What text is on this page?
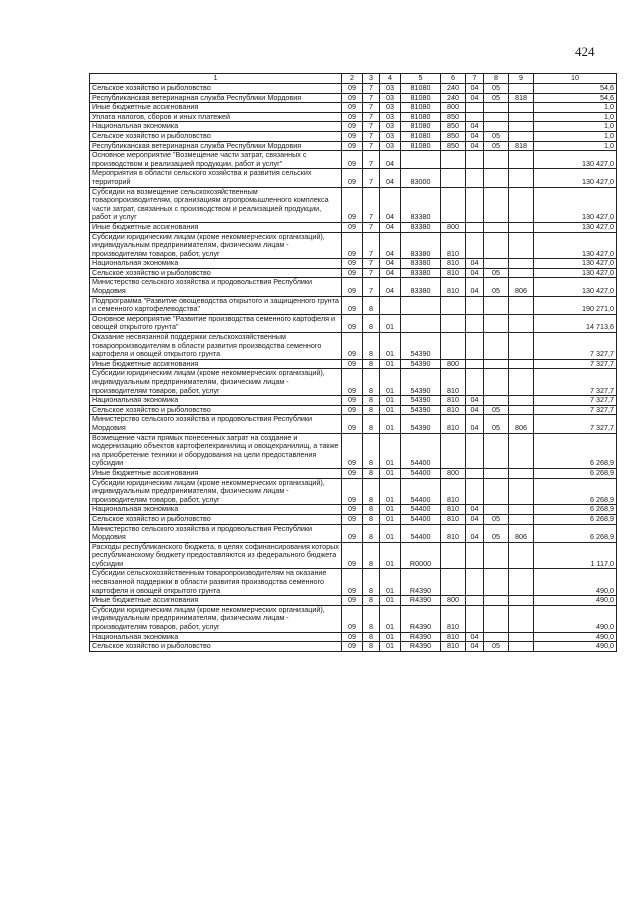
424
1	2	3	4	5	6	7	8	9	10
Сельское хозяйство и рыболовство	09	7	03	81080	240	04	05		54,6
Республиканская ветеринарная служба Республики Мордовия	09	7	03	81080	240	04	05	818	54,6
Иные бюджетные ассигнования	09	7	03	81080	800				1,0
Уплата налогов, сборов и иных платежей	09	7	03	81080	850				1,0
Национальная экономика	09	7	03	81080	850	04			1,0
Сельское хозяйство и рыболовство	09	7	03	81080	850	04	05		1,0
Республиканская ветеринарная служба Республики Мордовия	09	7	03	81080	850	04	05	818	1,0
Основное мероприятие "Возмещение части затрат, связанных с производством и реализацией продукции, работ и услуг"	09	7	04						130 427,0
Мероприятия в области сельского хозяйства и развития сельских территорий	09	7	04	83000					130 427,0
Субсидии на возмещение сельскохозяйственным товаропроизводителям, организациям агропромышленного комплекса части затрат, связанных с производством и реализацией продукции, работ и услуг	09	7	04	83380					130 427,0
Иные бюджетные ассигнования	09	7	04	83380	800				130 427,0
Субсидии юридическим лицам (кроме некоммерческих организаций), индивидуальным предпринимателям, физическим лицам - производителям товаров, работ, услуг	09	7	04	83380	810				130 427,0
Национальная экономика	09	7	04	83380	810	04			130 427,0
Сельское хозяйство и рыболовство	09	7	04	83380	810	04	05		130 427,0
Министерство сельского хозяйства и продовольствия Республики Мордовия	09	7	04	83380	810	04	05	806	130 427,0
Подпрограмма "Развитие овощеводства открытого и защищенного грунта и семенного картофелеводства"	09	8							190 271,0
Основное мероприятие "Развитие производства семенного картофеля и овощей открытого грунта"	09	8	01						14 713,6
Оказание несвязанной поддержки сельскохозяйственным товаропроизводителям в области развития производства семенного картофеля и овощей открытого грунта	09	8	01	54390					7 327,7
Иные бюджетные ассигнования	09	8	01	54390	800				7 327,7
Субсидии юридическим лицам (кроме некоммерческих организаций), индивидуальным предпринимателям, физическим лицам - производителям товаров, работ, услуг	09	8	01	54390	810				7 327,7
Национальная экономика	09	8	01	54390	810	04			7 327,7
Сельское хозяйство и рыболовство	09	8	01	54390	810	04	05		7 327,7
Министерство сельского хозяйства и продовольствия Республики Мордовия	09	8	01	54390	810	04	05	806	7 327,7
Возмещение части прямых понесенных затрат на создание и модернизацию объектов картофелехранилищ и овощехранилищ, а также на приобретение техники и оборудования на цели предоставления субсидии	09	8	01	54400					6 268,9
Иные бюджетные ассигнования	09	8	01	54400	800				6 268,9
Субсидии юридическим лицам (кроме некоммерческих организаций), индивидуальным предпринимателям, физическим лицам - производителям товаров, работ, услуг	09	8	01	54400	810				6 268,9
Национальная экономика	09	8	01	54400	810	04			6 268,9
Сельское хозяйство и рыболовство	09	8	01	54400	810	04	05		6 268,9
Министерство сельского хозяйства и продовольствия Республики Мордовия	09	8	01	54400	810	04	05	806	6 268,9
Расходы республиканского бюджета, в целях софинансирования которых республиканскому бюджету предоставляются из федерального бюджета субсидии	09	8	01	R0000					1 117,0
Субсидии сельскохозяйственным товаропроизводителям на оказание несвязанной поддержки в области развития производства семенного картофеля и овощей открытого грунта	09	8	01	R4390					490,0
Иные бюджетные ассигнования	09	8	01	R4390	800				490,0
Субсидии юридическим лицам (кроме некоммерческих организаций), индивидуальным предпринимателям, физическим лицам - производителям товаров, работ, услуг	09	8	01	R4390	810				490,0
Национальная экономика	09	8	01	R4390	810	04			490,0
Сельское хозяйство и рыболовство	09	8	01	R4390	810	04	05		490,0
